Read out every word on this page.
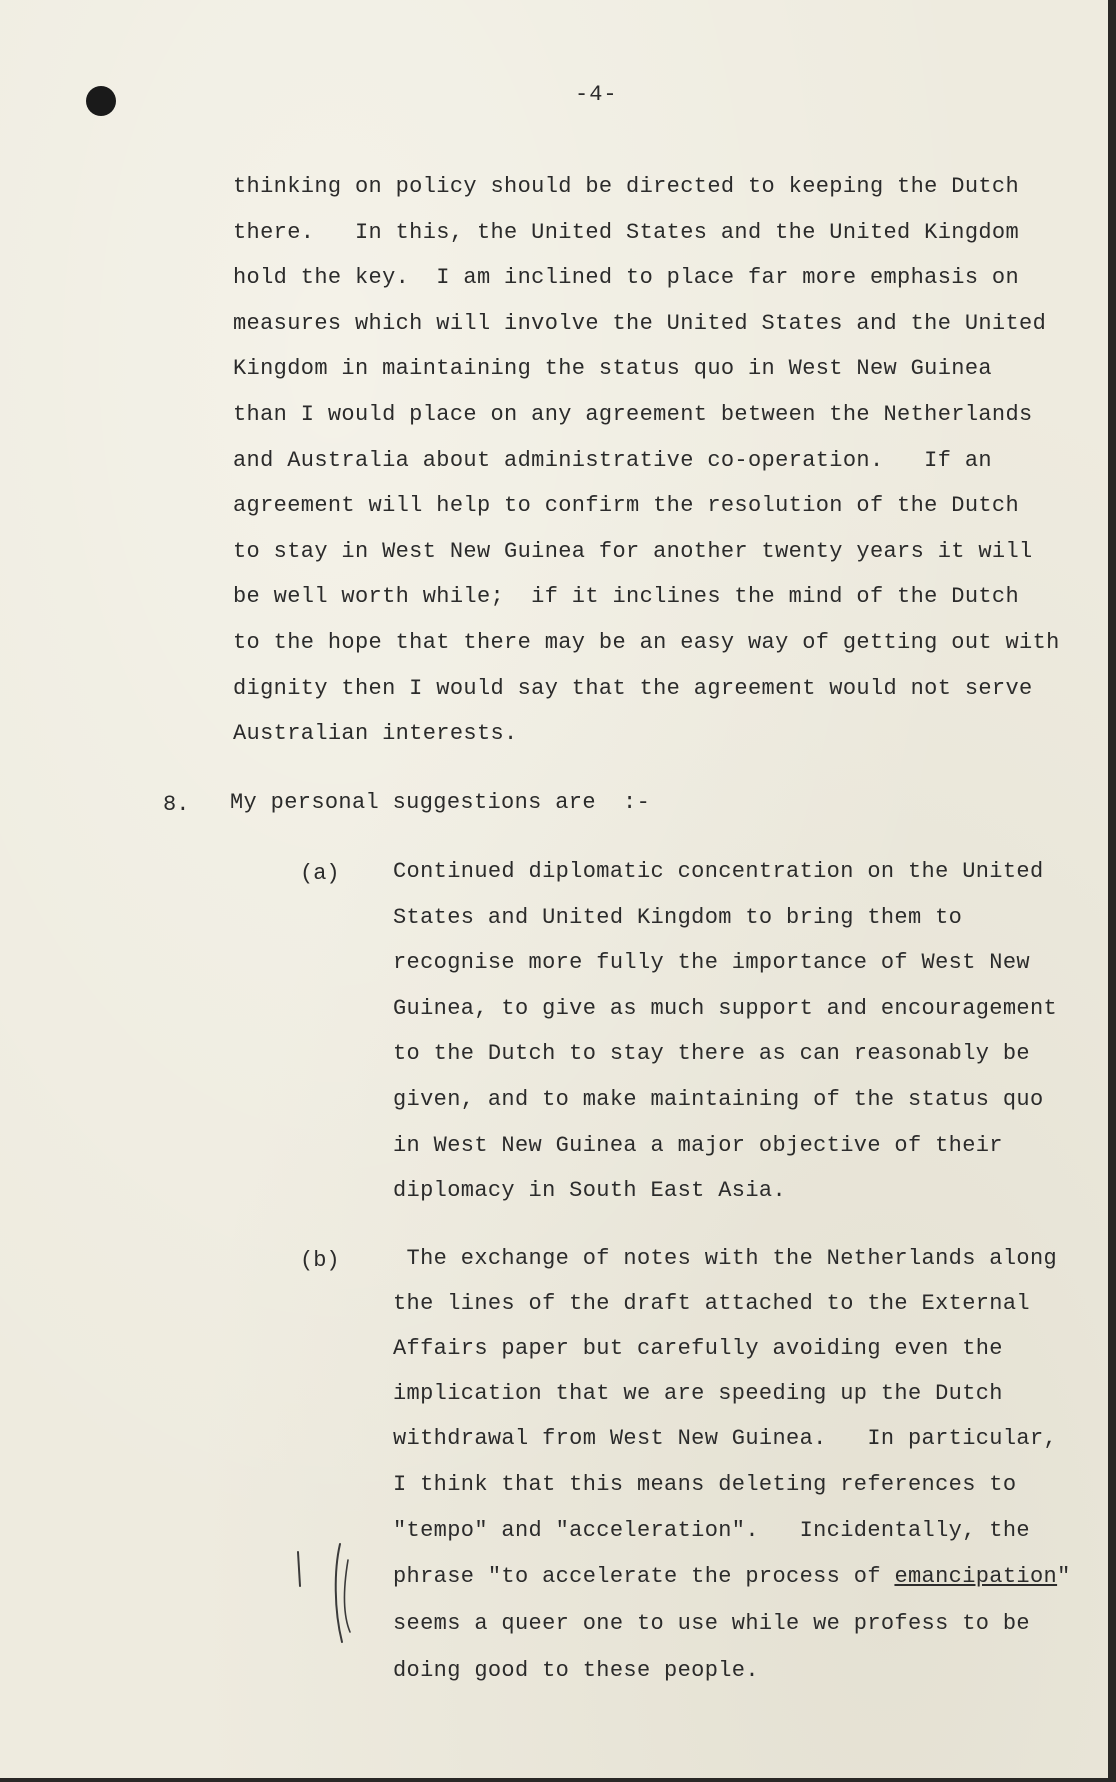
-4-
thinking on policy should be directed to keeping the Dutch
there.   In this, the United States and the United Kingdom
hold the key.  I am inclined to place far more emphasis on
measures which will involve the United States and the United
Kingdom in maintaining the status quo in West New Guinea
than I would place on any agreement between the Netherlands
and Australia about administrative co-operation.   If an
agreement will help to confirm the resolution of the Dutch
to stay in West New Guinea for another twenty years it will
be well worth while;  if it inclines the mind of the Dutch
to the hope that there may be an easy way of getting out with
dignity then I would say that the agreement would not serve
Australian interests.
8. My personal suggestions are  :-
(a) Continued diplomatic concentration on the United
States and United Kingdom to bring them to
recognise more fully the importance of West New
Guinea, to give as much support and encouragement
to the Dutch to stay there as can reasonably be
given, and to make maintaining of the status quo
in West New Guinea a major objective of their
diplomacy in South East Asia.
(b) The exchange of notes with the Netherlands along
the lines of the draft attached to the External
Affairs paper but carefully avoiding even the
implication that we are speeding up the Dutch
withdrawal from West New Guinea.   In particular,
I think that this means deleting references to
"tempo" and "acceleration".   Incidentally, the
phrase "to accelerate the process of emancipation"
seems a queer one to use while we profess to be
doing good to these people.
